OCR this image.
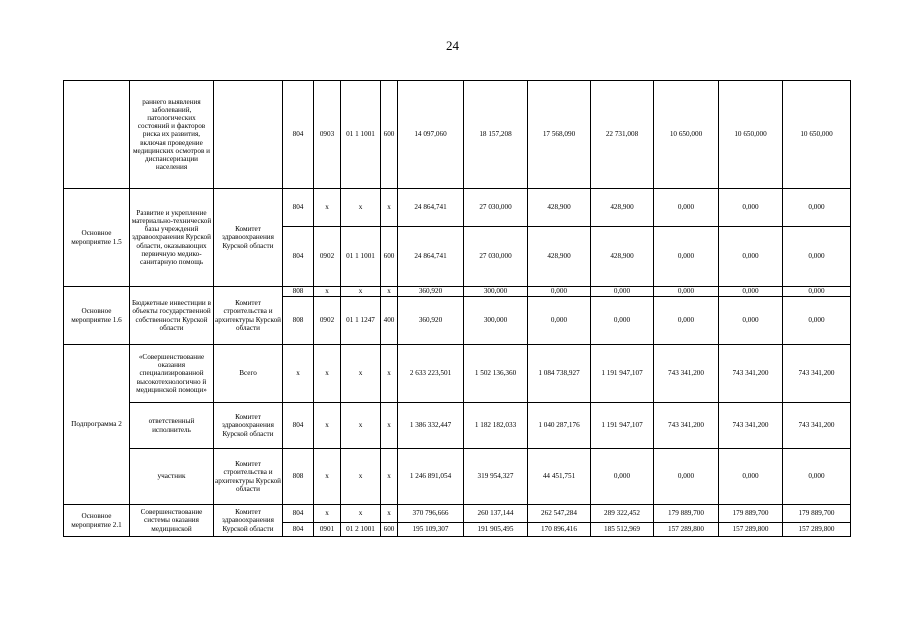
24
	раннего выявления заболеваний, патологических состояний и факторов риска их развития, включая проведение медицинских осмотров и диспансеризации населения		804	0903	01 1 1001	600	14 097,060	18 157,208	17 568,090	22 731,008	10 650,000	10 650,000	10 650,000
Основное мероприятие 1.5	Развитие и укрепление материально-технической базы учреждений здравоохранения Курской области, оказывающих первичную медико-санитарную помощь	Комитет здравоохранения Курской области	804	х	х	х	24 864,741	27 030,000	428,900	428,900	0,000	0,000	0,000
			804	0902	01 1 1001	600	24 864,741	27 030,000	428,900	428,900	0,000	0,000	0,000
Основное мероприятие 1.6	Бюджетные инвестиции в объекты государственной собственности Курской области	Комитет строительства и архитектуры Курской области	808	х	х	х	360,920	300,000	0,000	0,000	0,000	0,000	0,000
			808	0902	01 1 1247	400	360,920	300,000	0,000	0,000	0,000	0,000	0,000
Подпрограмма 2	«Совершенствование оказания специализированной высокотехнологично й медицинской помощи»	Всего	х	х	х	х	2 633 223,501	1 502 136,360	1 084 738,927	1 191 947,107	743 341,200	743 341,200	743 341,200
	ответственный исполнитель	Комитет здравоохранения Курской области	804	х	х	х	1 386 332,447	1 182 182,033	1 040 287,176	1 191 947,107	743 341,200	743 341,200	743 341,200
	участник	Комитет строительства и архитектуры Курской области	808	х	х	х	1 246 891,054	319 954,327	44 451,751	0,000	0,000	0,000	0,000
Основное мероприятие 2.1	Совершенствование системы оказания медицинской	Комитет здравоохранения Курской области	804	х	х	х	370 796,666	260 137,144	262 547,284	289 322,452	179 889,700	179 889,700	179 889,700
			804	0901	01 2 1001	600	195 109,307	191 905,495	170 896,416	185 512,969	157 289,800	157 289,800	157 289,800
